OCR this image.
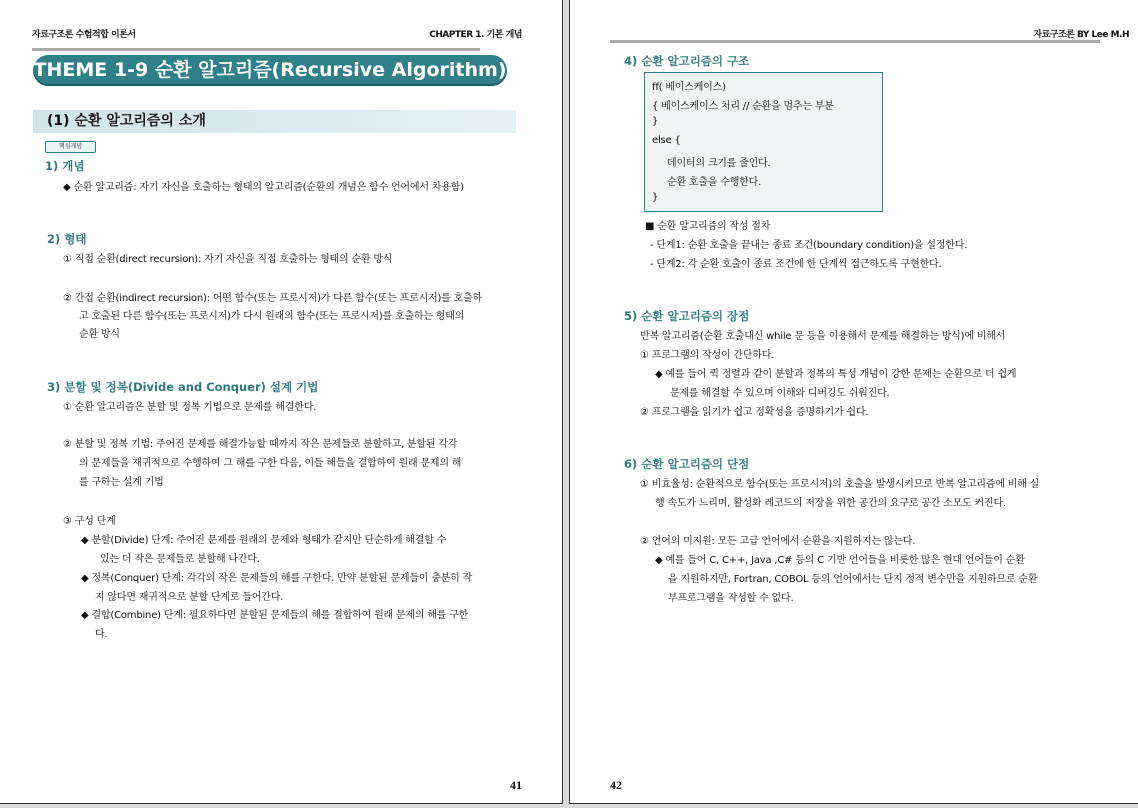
자료구조론 수험적합 이론서	CHAPTER 1. 기본 개념
THEME 1-9 순환 알고리즘(Recursive Algorithm)
(1) 순환 알고리즘의 소개
핵심개념
1) 개념
◆ 순환 알고리즘: 자기 자신을 호출하는 형태의 알고리즘(순환의 개념은 함수 언어에서 차용함)
2) 형태
① 직접 순환(direct recursion): 자기 자신을 직접 호출하는 형태의 순환 방식
② 간접 순환(indirect recursion): 어떤 함수(또는 프로시저)가 다른 함수(또는 프로시저)를 호출하
고 호출된 다른 함수(또는 프로시저)가 다시 원래의 함수(또는 프로시저)를 호출하는 형태의
순환 방식
3) 분할 및 정복(Divide and Conquer) 설계 기법
① 순환 알고리즘은 분할 및 정복 기법으로 문제를 해결한다.
② 분할 및 정복 기법: 주어진 문제를 해결가능할 때까지 작은 문제들로 분할하고, 분할된 각각
의 문제들을 재귀적으로 수행하여 그 해를 구한 다음, 이들 해들을 결합하여 원래 문제의 해
를 구하는 설계 기법
③ 구성 단계
◆ 분할(Divide) 단계: 주어진 문제를 원래의 문제와 형태가 같지만 단순하게 해결할 수
있는 더 작은 문제들로 분할해 나간다.
◆ 정복(Conquer) 단계: 각각의 작은 문제들의 해를 구한다. 만약 분할된 문제들이 충분히 작
지 않다면 재귀적으로 분할 단계로 들어간다.
◆ 결합(Combine) 단계: 필요하다면 분할된 문제들의 해를 결합하여 원래 문제의 해를 구한
다.
41
자료구조론 BY Lee M.H
4) 순환 알고리즘의 구조
ff( 베이스케이스)
{ 베이스케이스 처리 // 순환을 멈추는 부분
}
else {
데이터의 크기를 줄인다.
순환 호출을 수행한다.
}
■ 순환 알고리즘의 작성 절차
- 단계1: 순환 호출을 끝내는 종료 조건(boundary condition)을 설정한다.
- 단계2: 각 순환 호출이 종료 조건에 한 단계씩 접근하도록 구현한다.
5) 순환 알고리즘의 장점
반복 알고리즘(순환 호출대신 while 문 등을 이용해서 문제를 해결하는 방식)에 비해서
① 프로그램의 작성이 간단하다.
◆ 예를 들어 퀵 정렬과 같이 분할과 정복의 특성 개념이 강한 문제는 순환으로 더 쉽게
문제를 해결할 수 있으며 이해와 디버깅도 쉬워진다.
② 프로그램을 읽기가 쉽고 정확성을 증명하기가 쉽다.
6) 순환 알고리즘의 단점
① 비효율성: 순환적으로 함수(또는 프로시저)의 호출을 발생시키므로 반복 알고리즘에 비해 실
행 속도가 느리며, 활성화 레코드의 저장을 위한 공간의 요구로 공간 소모도 커진다.
② 언어의 미지원: 모든 고급 언어에서 순환을 지원하지는 않는다.
◆ 예를 들어 C, C++, Java ,C# 등의 C 기반 언어들을 비롯한 많은 현대 언어들이 순환
을 지원하지만, Fortran, COBOL 등의 언어에서는 단지 정적 변수만을 지원하므로 순환
부프로그램을 작성할 수 없다.
42
